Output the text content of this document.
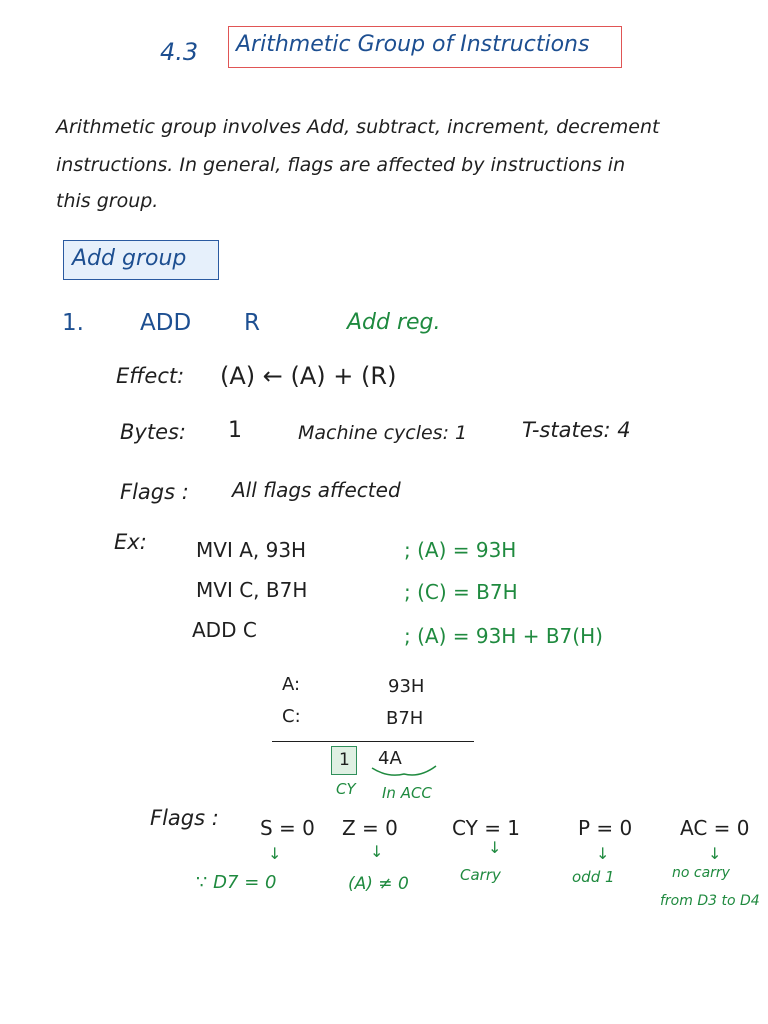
4.3 Arithmetic Group of Instructions
Arithmetic group involves Add, subtract, increment, decrement
instructions. In general, flags are affected by instructions in
this group.
Add group
1. ADD R	Add reg.
Effect: (A) ← (A) + (R)
Bytes: 1	Machine cycles: 1	T-states: 4
Flags : All flags affected
Ex: MVI A, 93H	; (A) = 93H
MVI C, B7H	; (C) = B7H
ADD C	; (A) = 93H + B7(H)
A:	93H
C:	B7H
1 4A
CY In ACC
Flags : S = 0 Z = 0	CY = 1	P = 0 AC = 0
↓	↓	↓	↓	↓
∵ D7 = 0	(A) ≠ 0	Carry	odd 1	no carry
from D3 to D4
